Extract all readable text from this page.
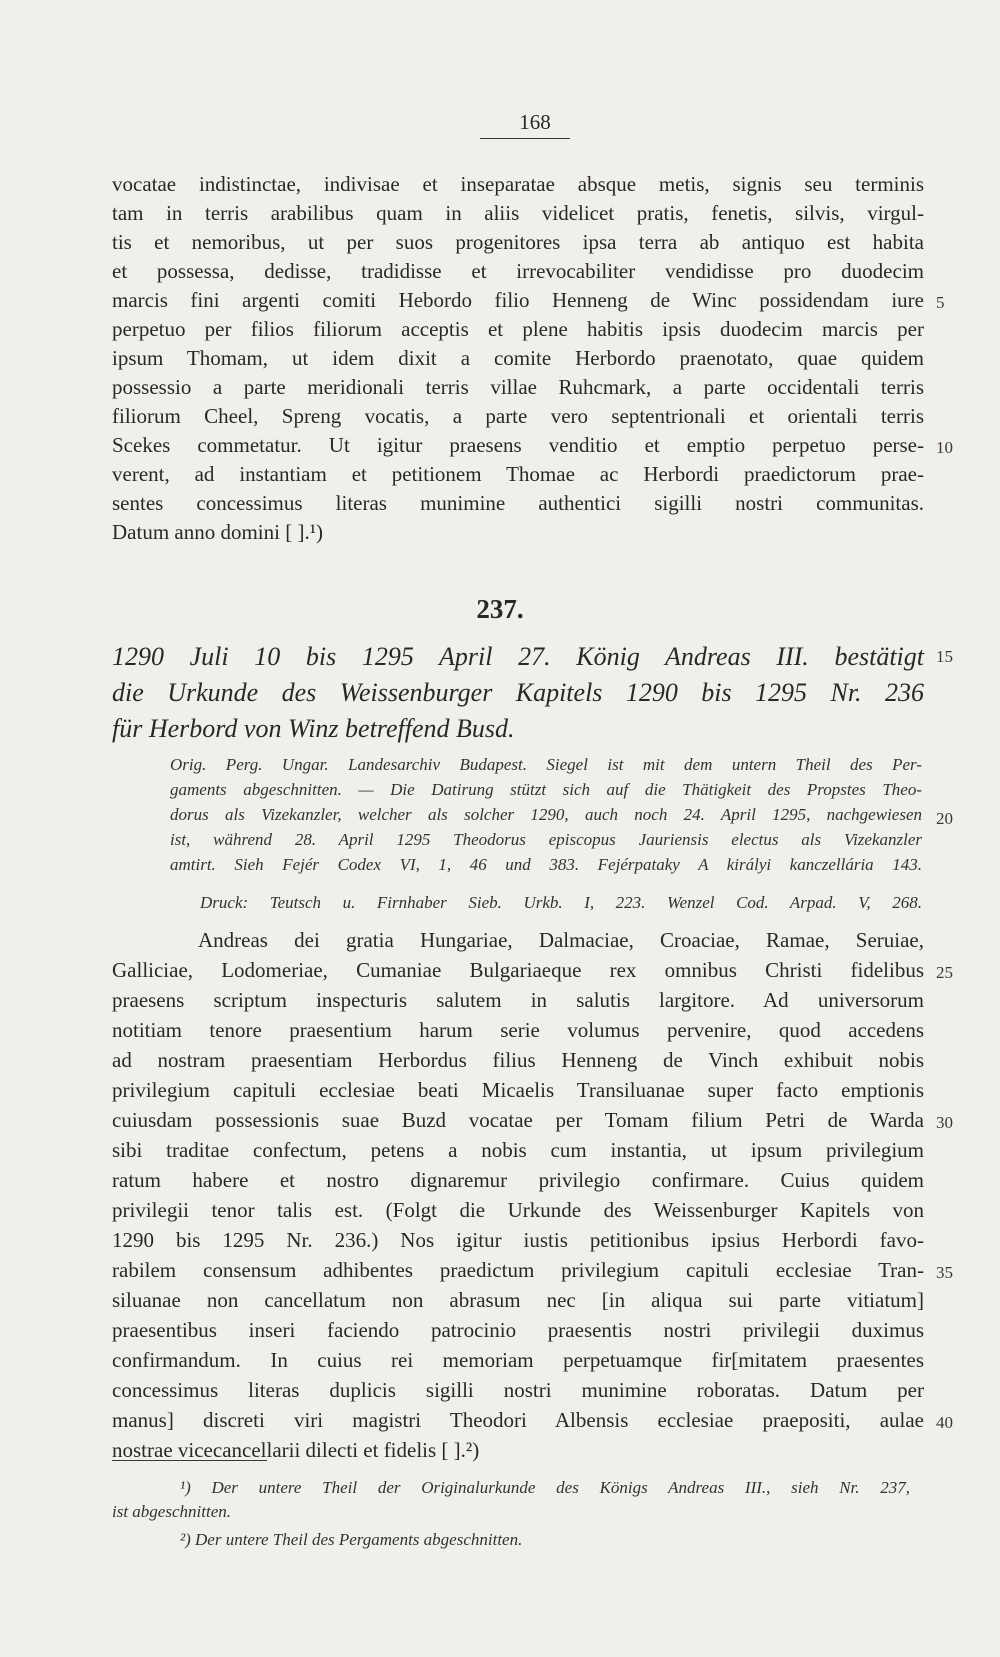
168
vocatae indistinctae, indivisae et inseparatae absque metis, signis seu terminis
tam in terris arabilibus quam in aliis videlicet pratis, fenetis, silvis, virgul-
tis et nemoribus, ut per suos progenitores ipsa terra ab antiquo est habita
et possessa, dedisse, tradidisse et irrevocabiliter vendidisse pro duodecim
marcis fini argenti comiti Hebordo filio Henneng de Winc possidendam iure
perpetuo per filios filiorum acceptis et plene habitis ipsis duodecim marcis per
ipsum Thomam, ut idem dixit a comite Herbordo praenotato, quae quidem
possessio a parte meridionali terris villae Ruhcmark, a parte occidentali terris
filiorum Cheel, Spreng vocatis, a parte vero septentrionali et orientali terris
Scekes commetatur. Ut igitur praesens venditio et emptio perpetuo perse-
verent, ad instantiam et petitionem Thomae ac Herbordi praedictorum prae-
sentes concessimus literas munimine authentici sigilli nostri communitas.
Datum anno domini [ ].¹)
237.
1290 Juli 10 bis 1295 April 27. König Andreas III. bestätigt
die Urkunde des Weissenburger Kapitels 1290 bis 1295 Nr. 236
für Herbord von Winz betreffend Busd.
Orig. Perg. Ungar. Landesarchiv Budapest. Siegel ist mit dem untern Theil des Per-
gaments abgeschnitten. — Die Datirung stützt sich auf die Thätigkeit des Propstes Theo-
dorus als Vizekanzler, welcher als solcher 1290, auch noch 24. April 1295, nachgewiesen
ist, während 28. April 1295 Theodorus episcopus Jauriensis electus als Vizekanzler
amtirt. Sieh Fejér Codex VI, 1, 46 und 383. Fejérpataky A királyi kanczellária 143.
Druck: Teutsch u. Firnhaber Sieb. Urkb. I, 223. Wenzel Cod. Arpad. V, 268.
Andreas dei gratia Hungariae, Dalmaciae, Croaciae, Ramae, Seruiae,
Galliciae, Lodomeriae, Cumaniae Bulgariaeque rex omnibus Christi fidelibus
praesens scriptum inspecturis salutem in salutis largitore. Ad universorum
notitiam tenore praesentium harum serie volumus pervenire, quod accedens
ad nostram praesentiam Herbordus filius Henneng de Vinch exhibuit nobis
privilegium capituli ecclesiae beati Micaelis Transiluanae super facto emptionis
cuiusdam possessionis suae Buzd vocatae per Tomam filium Petri de Warda
sibi traditae confectum, petens a nobis cum instantia, ut ipsum privilegium
ratum habere et nostro dignaremur privilegio confirmare. Cuius quidem
privilegii tenor talis est. (Folgt die Urkunde des Weissenburger Kapitels von
1290 bis 1295 Nr. 236.) Nos igitur iustis petitionibus ipsius Herbordi favo-
rabilem consensum adhibentes praedictum privilegium capituli ecclesiae Tran-
siluanae non cancellatum non abrasum nec [in aliqua sui parte vitiatum]
praesentibus inseri faciendo patrocinio praesentis nostri privilegii duximus
confirmandum. In cuius rei memoriam perpetuamque fir[mitatem praesentes
concessimus literas duplicis sigilli nostri munimine roboratas. Datum per
manus] discreti viri magistri Theodori Albensis ecclesiae praepositi, aulae
nostrae vicecancellarii dilecti et fidelis [ ].²)
5
10
15
20
25
30
35
40
¹) Der untere Theil der Originalurkunde des Königs Andreas III., sieh Nr. 237,
ist abgeschnitten.
²) Der untere Theil des Pergaments abgeschnitten.
